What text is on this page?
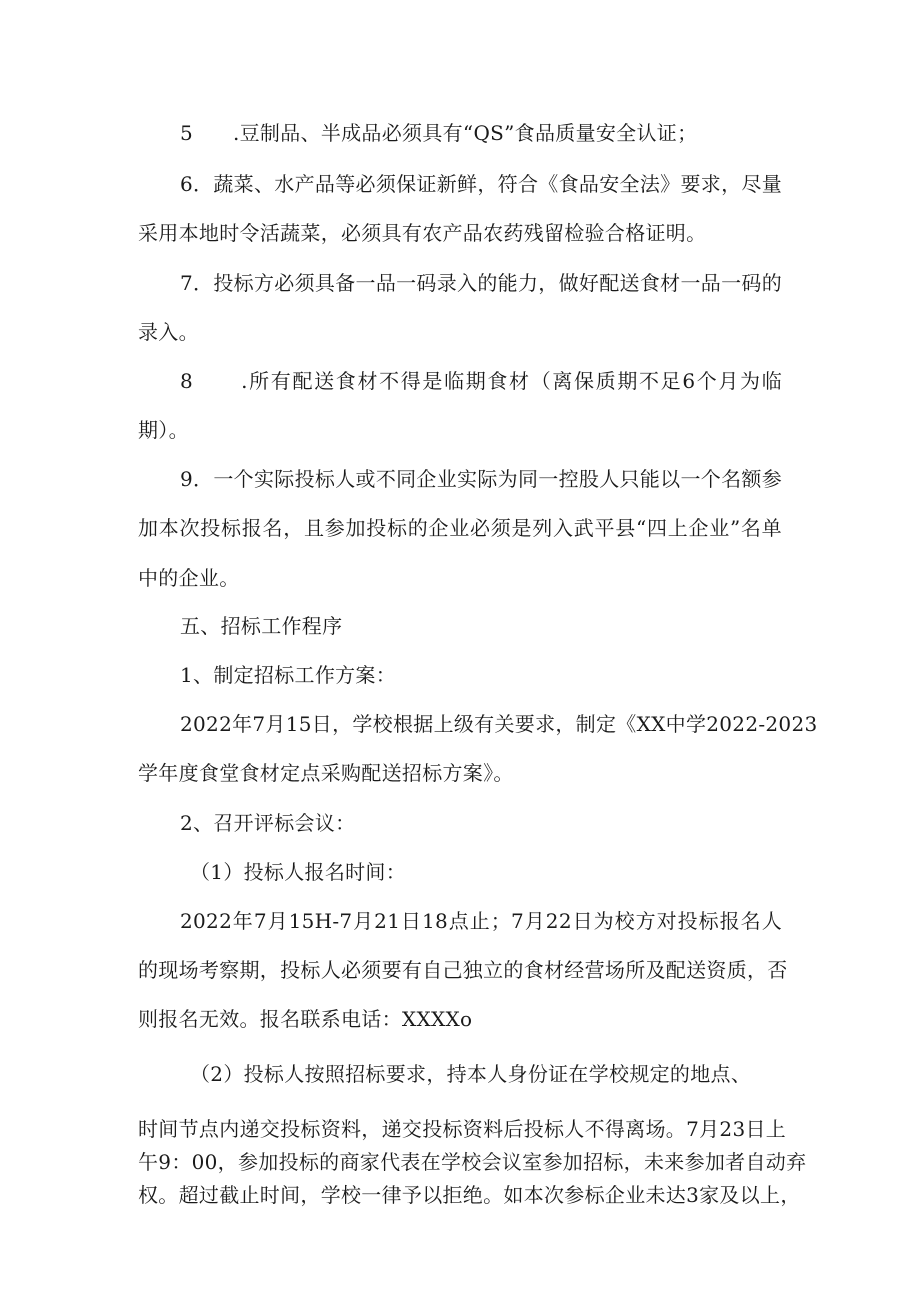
5      .豆制品、半成品必须具有“QS”食品质量安全认证；
6．蔬菜、水产品等必须保证新鲜，符合《食品安全法》要求，尽量
采用本地时令活蔬菜，必须具有农产品农药残留检验合格证明。
7．投标方必须具备一品一码录入的能力，做好配送食材一品一码的
录入。
8      .所有配送食材不得是临期食材（离保质期不足6个月为临
期）。
9．一个实际投标人或不同企业实际为同一控股人只能以一个名额参
加本次投标报名，且参加投标的企业必须是列入武平县“四上企业”名单
中的企业。
五、招标工作程序
1、制定招标工作方案：
2022年7月15日，学校根据上级有关要求，制定《XX中学2022-2023
学年度食堂食材定点采购配送招标方案》。
2、召开评标会议：
（1）投标人报名时间：
2022年7月15H-7月21日18点止；7月22日为校方对投标报名人
的现场考察期，投标人必须要有自己独立的食材经营场所及配送资质，否
则报名无效。报名联系电话：XXXXo
（2）投标人按照招标要求，持本人身份证在学校规定的地点、
时间节点内递交投标资料，递交投标资料后投标人不得离场。7月23日上
午9：00，参加投标的商家代表在学校会议室参加招标，未来参加者自动弃
权。超过截止时间，学校一律予以拒绝。如本次参标企业未达3家及以上，
